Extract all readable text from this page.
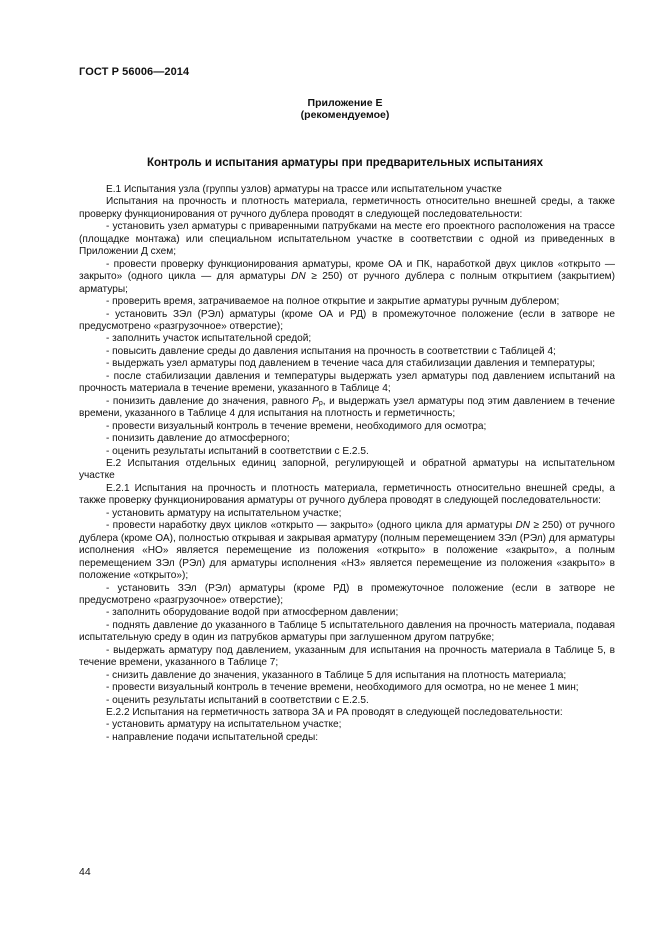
ГОСТ Р 56006—2014
Приложение Е
(рекомендуемое)
Контроль и испытания арматуры при предварительных испытаниях

Е.1 Испытания узла (группы узлов) арматуры на трассе или испытательном участке

Испытания на прочность и плотность материала, герметичность относительно внешней среды, а также проверку функционирования от ручного дублера проводят в следующей последовательности:

- установить узел арматуры с приваренными патрубками на месте его проектного расположения на трассе (площадке монтажа) или специальном испытательном участке в соответствии с одной из приведенных в Приложении Д схем;

- провести проверку функционирования арматуры, кроме ОА и ПК, наработкой двух циклов «открыто — закрыто» (одного цикла — для арматуры DN ≥ 250) от ручного дублера с полным открытием (закрытием) арматуры;

- проверить время, затрачиваемое на полное открытие и закрытие арматуры ручным дублером;

- установить ЗЭл (РЭл) арматуры (кроме ОА и РД) в промежуточное положение (если в затворе не предусмотрено «разгрузочное» отверстие);

- заполнить участок испытательной средой;

- повысить давление среды до давления испытания на прочность в соответствии с Таблицей 4;

- выдержать узел арматуры под давлением в течение часа для стабилизации давления и температуры;

- после стабилизации давления и температуры выдержать узел арматуры под давлением испытаний на прочность материала в течение времени, указанного в Таблице 4;

- понизить давление до значения, равного $P_р$, и выдержать узел арматуры под этим давлением в течение времени, указанного в Таблице 4 для испытания на плотность и герметичность;

- провести визуальный контроль в течение времени, необходимого для осмотра;

- понизить давление до атмосферного;

- оценить результаты испытаний в соответствии с Е.2.5.

Е.2 Испытания отдельных единиц запорной, регулирующей и обратной арматуры на испытательном участке

Е.2.1 Испытания на прочность и плотность материала, герметичность относительно внешней среды, а также проверку функционирования арматуры от ручного дублера проводят в следующей последовательности:

- установить арматуру на испытательном участке;

- провести наработку двух циклов «открыто — закрыто» (одного цикла для арматуры DN ≥ 250) от ручного дублера (кроме ОА), полностью открывая и закрывая арматуру (полным перемещением ЗЭл (РЭл) для арматуры исполнения «НО» является перемещение из положения «открыто» в положение «закрыто», а полным перемещением ЗЭл (РЭл) для арматуры исполнения «НЗ» является перемещение из положения «закрыто» в положение «открыто»);

- установить ЗЭл (РЭл) арматуры (кроме РД) в промежуточное положение (если в затворе не предусмотрено «разгрузочное» отверстие);

- заполнить оборудование водой при атмосферном давлении;

- поднять давление до указанного в Таблице 5 испытательного давления на прочность материала, подавая испытательную среду в один из патрубков арматуры при заглушенном другом патрубке;

- выдержать арматуру под давлением, указанным для испытания на прочность материала в Таблице 5, в течение времени, указанного в Таблице 7;

- снизить давление до значения, указанного в Таблице 5 для испытания на плотность материала;

- провести визуальный контроль в течение времени, необходимого для осмотра, но не менее 1 мин;

- оценить результаты испытаний в соответствии с Е.2.5.

Е.2.2 Испытания на герметичность затвора ЗА и РА проводят в следующей последовательности:

- установить арматуру на испытательном участке;

- направление подачи испытательной среды:

44
